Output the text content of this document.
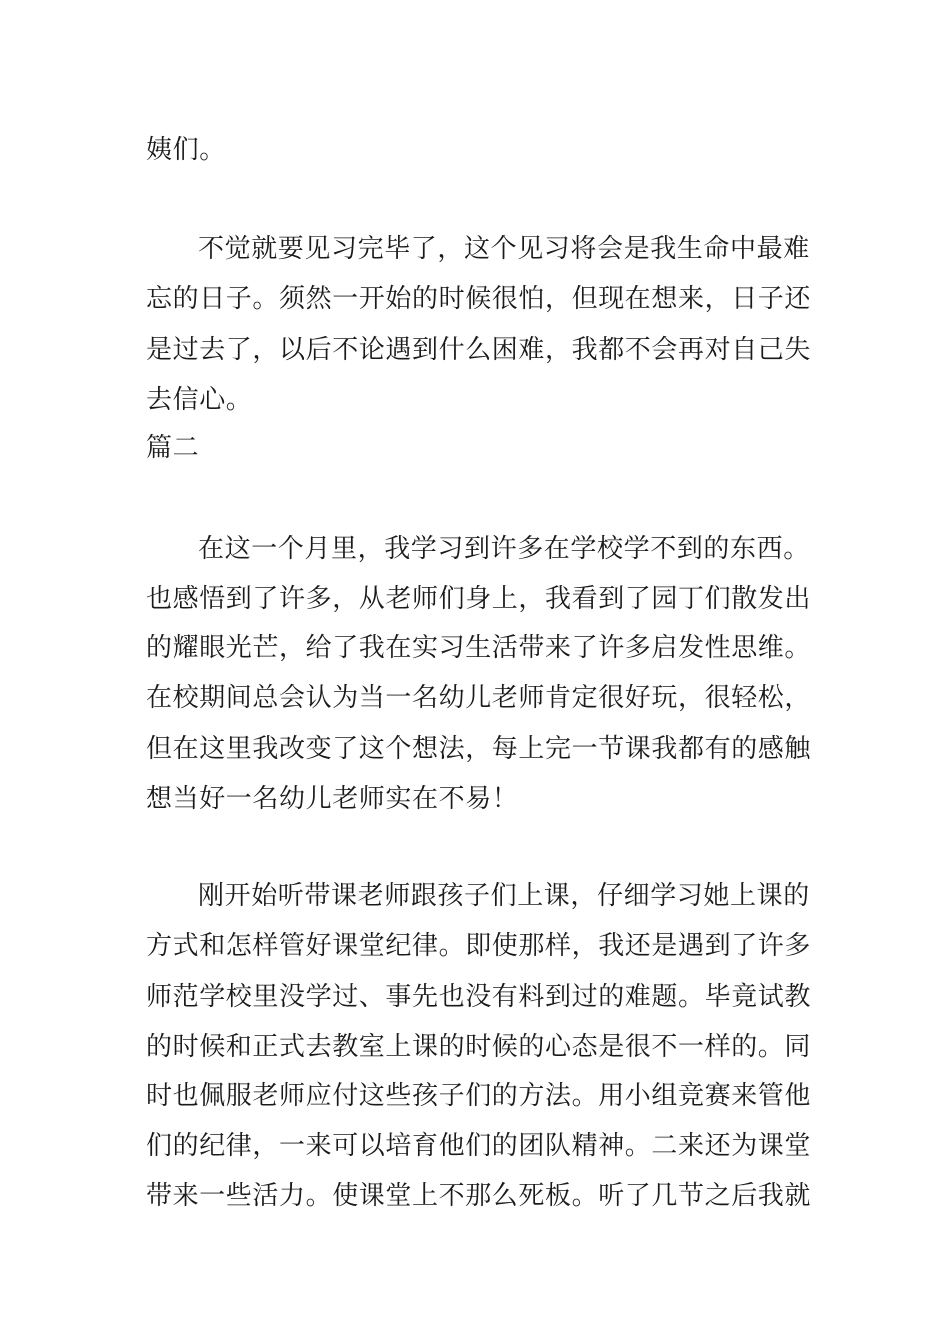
姨们。
不觉就要见习完毕了，这个见习将会是我生命中最难
忘的日子。须然一开始的时候很怕，但现在想来，日子还
是过去了，以后不论遇到什么困难，我都不会再对自己失
去信心。
篇二
在这一个月里，我学习到许多在学校学不到的东西。
也感悟到了许多，从老师们身上，我看到了园丁们散发出
的耀眼光芒，给了我在实习生活带来了许多启发性思维。
在校期间总会认为当一名幼儿老师肯定很好玩，很轻松，
但在这里我改变了这个想法，每上完一节课我都有的感触
想当好一名幼儿老师实在不易！
刚开始听带课老师跟孩子们上课，仔细学习她上课的
方式和怎样管好课堂纪律。即使那样，我还是遇到了许多
师范学校里没学过、事先也没有料到过的难题。毕竟试教
的时候和正式去教室上课的时候的心态是很不一样的。同
时也佩服老师应付这些孩子们的方法。用小组竞赛来管他
们的纪律，一来可以培育他们的团队精神。二来还为课堂
带来一些活力。使课堂上不那么死板。听了几节之后我就
